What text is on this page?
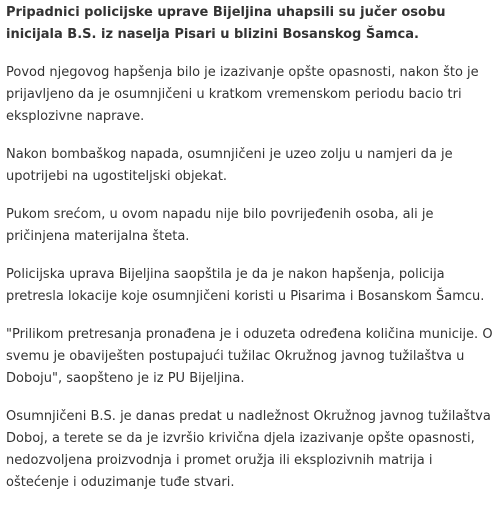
Pripadnici policijske uprave Bijeljina uhapsili su jučer osobu inicijala B.S. iz naselja Pisari u blizini Bosanskog Šamca.

Povod njegovog hapšenja bilo je izazivanje opšte opasnosti, nakon što je prijavljeno da je osumnjičeni u kratkom vremenskom periodu bacio tri eksplozivne naprave.

Nakon bombaškog napada, osumnjičeni je uzeo zolju u namjeri da je upotrijebi na ugostiteljski objekat.

Pukom srećom, u ovom napadu nije bilo povrijeđenih osoba, ali je pričinjena materijalna šteta.

Policijska uprava Bijeljina saopštila je da je nakon hapšenja, policija pretresla lokacije koje osumnjičeni koristi u Pisarima i Bosanskom Šamcu.

"Prilikom pretresanja pronađena je i oduzeta određena količina municije. O svemu je obaviješten postupajući tužilac Okružnog javnog tužilaštva u Doboju", saopšteno je iz PU Bijeljina.

Osumnjičeni B.S. je danas predat u nadležnost Okružnog javnog tužilaštva Doboj, a terete se da je izvršio krivična djela izazivanje opšte opasnosti, nedozvoljena proizvodnja i promet oružja ili eksplozivnih matrija i oštećenje i oduzimanje tuđe stvari.
